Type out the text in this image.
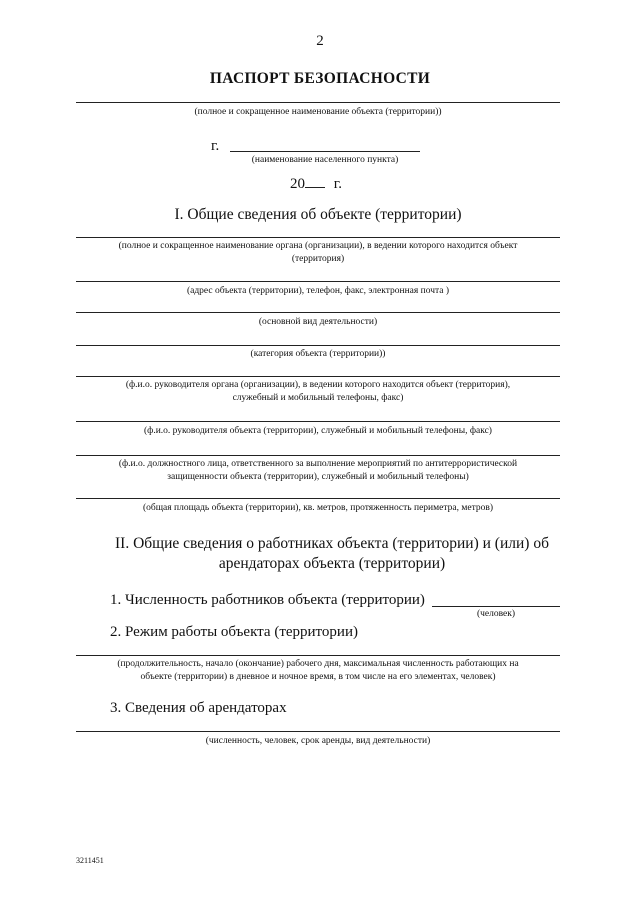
2
ПАСПОРТ БЕЗОПАСНОСТИ
(полное и сокращенное наименование объекта (территории))
г.
(наименование населенного пункта)
20 г.
I. Общие сведения об объекте (территории)
(полное и сокращенное наименование органа (организации), в ведении которого находится объект
(территория)
(адрес объекта (территории), телефон, факс, электронная почта )
(основной вид деятельности)
(категория объекта (территории))
(ф.и.о. руководителя органа (организации), в ведении которого находится объект (территория),
служебный и мобильный телефоны, факс)
(ф.и.о. руководителя объекта (территории), служебный и мобильный телефоны, факс)
(ф.и.о. должностного лица, ответственного за выполнение мероприятий по антитеррористической
защищенности объекта (территории), служебный и мобильный телефоны)
(общая площадь объекта (территории), кв. метров, протяженность периметра, метров)
II. Общие сведения о работниках объекта (территории) и (или) об
арендаторах объекта (территории)
1. Численность работников объекта (территории)
(человек)
2. Режим работы объекта (территории)
(продолжительность, начало (окончание) рабочего дня, максимальная численность работающих на
объекте (территории) в дневное и ночное время, в том числе на его элементах, человек)
3. Сведения об арендаторах
(численность, человек, срок аренды, вид деятельности)
3211451
